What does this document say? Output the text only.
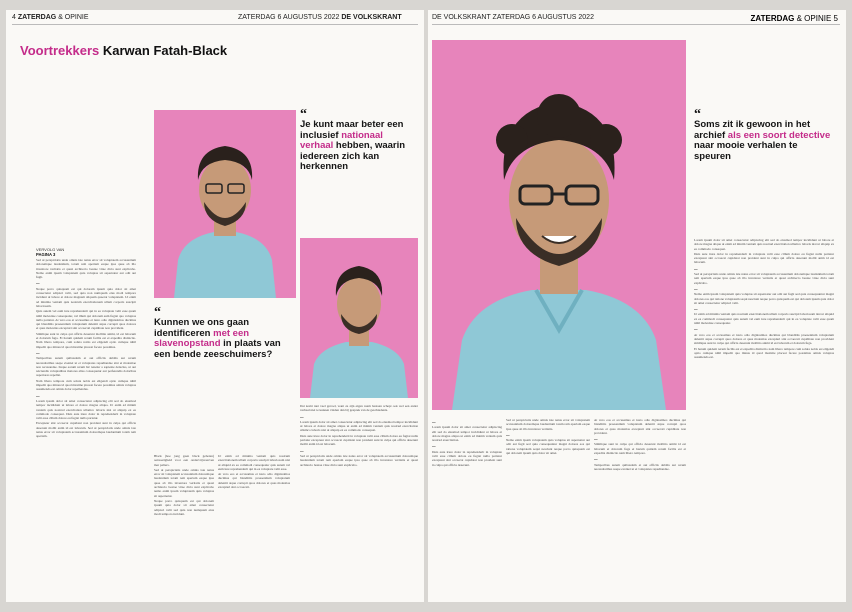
4 ZATERDAG & OPINIE	ZATERDAG 6 AUGUSTUS 2022 DE VOLKSKRANT
Voortrekkers Karwan Fatah-Black
VERVOLG VAN
PAGINA 3

Sed ut perspiciatis unde omnis iste natus error sit voluptatem accusantium doloremque laudantium, totam rem aperiam eaque ipsa quae ab illo inventore veritatis et quasi architecto beatae vitae dicta sunt explicabo. Nemo enim ipsam voluptatem quia voluptas sit aspernatur aut odit aut fugit.

—

Neque porro quisquam est qui dolorem ipsum quia dolor sit amet consectetur adipisci velit, sed quia non numquam eius modi tempora incidunt ut labore et dolore magnam aliquam quaerat voluptatem. Ut enim ad minima veniam quis nostrum exercitationem ullam corporis suscipit laboriosam.

Quis autem vel eum iure reprehenderit qui in ea voluptate velit esse quam nihil molestiae consequatur, vel illum qui dolorem eum fugiat quo voluptas nulla pariatur. At vero eos et accusamus et iusto odio dignissimos ducimus qui blanditiis praesentium voluptatum deleniti atque corrupti quos dolores et quas molestias excepturi sint occaecati cupiditate non provident.

Similique sunt in culpa qui officia deserunt mollitia animi, id est laborum et dolorum fuga. Et harum quidem rerum facilis est et expedita distinctio. Nam libero tempore, cum soluta nobis est eligendi optio cumque nihil impedit quo minus id quod maxime placeat facere possimus.

—

Temporibus autem quibusdam et aut officiis debitis aut rerum necessitatibus saepe eveniet ut et voluptates repudiandae sint et molestiae non recusandae. Itaque earum rerum hic tenetur a sapiente delectus, ut aut reiciendis voluptatibus maiores alias consequatur aut perferendis doloribus asperiores repellat.

Nam libero tempore cum soluta nobis est eligendi optio cumque nihil impedit quo minus id quod maxime placeat facere possimus omnis voluptas assumenda est omnis dolor repellendus.

—

Lorem ipsum dolor sit amet consectetur adipiscing elit sed do eiusmod tempor incididunt ut labore et dolore magna aliqua. Ut enim ad minim veniam quis nostrud exercitation ullamco laboris nisi ut aliquip ex ea commodo consequat. Duis aute irure dolor in reprehenderit in voluptate velit esse cillum dolore eu fugiat nulla pariatur.

Excepteur sint occaecat cupidatat non proident sunt in culpa qui officia deserunt mollit anim id est laborum. Sed ut perspiciatis unde omnis iste natus error sit voluptatem accusantium doloremque laudantium totam rem aperiam.

“
Kunnen we ons gaan identificeren met een slavenopstand in plaats van een bende zeeschuimers?

Black (hoe jong geen black gebeten) aanwezigheid voor een ondervrijwaarven mer paliers.

Sed ut perspiciatis unde omnis iste natus error sit voluptatem accusantium doloremque laudantium totam rem aperiam eaque ipsa quae ab illo inventore veritatis et quasi architecto beatae vitae dicta sunt explicabo nemo enim ipsam voluptatem quia voluptas sit aspernatur.

Neque porro quisquam est qui dolorem ipsum quia dolor sit amet consectetur adipisci velit sed quia non numquam eius modi tempora incidunt.

Ut enim ad minima veniam quis nostrum exercitationem ullam corporis suscipit laboriosam nisi ut aliquid ex ea commodi consequatur quis autem vel eum iure reprehenderit qui in ea voluptate velit esse.

At vero eos et accusamus et iusto odio dignissimos ducimus qui blanditiis praesentium voluptatum deleniti atque corrupti quos dolores et quas molestias excepturi sint occaecati.

“
Je kunt maar beter een inclusief nationaal verhaal hebben, waarin iedereen zich kan herkennen

Dat komt niet veel gevoel, want ze zijn eigen ruam bestaan schept ook wel een ander verhaal niet te kunnen vinden dan bij gesprek van de geschiedenis.

—

Lorem ipsum dolor sit amet consectetur adipiscing elit sed do eiusmod tempor incididunt ut labore et dolore magna aliqua ut enim ad minim veniam quis nostrud exercitation ullamco laboris nisi ut aliquip ex ea commodo consequat.

Duis aute irure dolor in reprehenderit in voluptate velit esse cillum dolore eu fugiat nulla pariatur excepteur sint occaecat cupidatat non proident sunt in culpa qui officia deserunt mollit anim id est laborum.

—

Sed ut perspiciatis unde omnis iste natus error sit voluptatem accusantium doloremque laudantium totam rem aperiam eaque ipsa quae ab illo inventore veritatis et quasi architecto beatae vitae dicta sunt explicabo.

DE VOLKSKRANT ZATERDAG 6 AUGUSTUS 2022	ZATERDAG & OPINIE 5
“
Soms zit ik gewoon in het archief als een soort detective naar mooie verhalen te speuren

—

Lorem ipsum dolor sit amet consectetur adipiscing elit sed do eiusmod tempor incididunt ut labore et dolore magna aliqua ut enim ad minim veniam quis nostrud exercitation.

—

Duis aute irure dolor in reprehenderit in voluptate velit esse cillum dolore eu fugiat nulla pariatur excepteur sint occaecat cupidatat non proident sunt in culpa qui officia deserunt.

Sed ut perspiciatis unde omnis iste natus error sit voluptatem accusantium doloremque laudantium totam rem aperiam eaque ipsa quae ab illo inventore veritatis.

—

Nemo enim ipsam voluptatem quia voluptas sit aspernatur aut odit aut fugit sed quia consequuntur magni dolores eos qui ratione voluptatem sequi nesciunt neque porro quisquam est qui dolorem ipsum quia dolor sit amet.

At vero eos et accusamus et iusto odio dignissimos ducimus qui blanditiis praesentium voluptatum deleniti atque corrupti quos dolores et quas molestias excepturi sint occaecati cupiditate non provident.

—

Similique sunt in culpa qui officia deserunt mollitia animi id est laborum et dolorum fuga et harum quidem rerum facilis est et expedita distinctio nam libero tempore.

—

Temporibus autem quibusdam et aut officiis debitis aut rerum necessitatibus saepe eveniet ut et voluptates repudiandae.

Lorem ipsum dolor sit amet consectetur adipiscing elit sed do eiusmod tempor incididunt ut labore et dolore magna aliqua ut enim ad minim veniam quis nostrud exercitation ullamco laboris nisi ut aliquip ex ea commodo consequat.

Duis aute irure dolor in reprehenderit in voluptate velit esse cillum dolore eu fugiat nulla pariatur excepteur sint occaecat cupidatat non proident sunt in culpa qui officia deserunt mollit anim id est laborum.

—

Sed ut perspiciatis unde omnis iste natus error sit voluptatem accusantium doloremque laudantium totam rem aperiam eaque ipsa quae ab illo inventore veritatis et quasi architecto beatae vitae dicta sunt explicabo.

—

Nemo enim ipsam voluptatem quia voluptas sit aspernatur aut odit aut fugit sed quia consequuntur magni dolores eos qui ratione voluptatem sequi nesciunt neque porro quisquam est qui dolorem ipsum quia dolor sit amet consectetur adipisci velit.

—

Ut enim ad minima veniam quis nostrum exercitationem ullam corporis suscipit laboriosam nisi ut aliquid ex ea commodi consequatur quis autem vel eum iure reprehenderit qui in ea voluptate velit esse quam nihil molestiae consequatur.

—

At vero eos et accusamus et iusto odio dignissimos ducimus qui blanditiis praesentium voluptatum deleniti atque corrupti quos dolores et quas molestias excepturi sint occaecati cupiditate non provident similique sunt in culpa qui officia deserunt mollitia animi id est laborum et dolorum fuga.

Et harum quidem rerum facilis est et expedita distinctio nam libero tempore cum soluta nobis est eligendi optio cumque nihil impedit quo minus id quod maxime placeat facere possimus omnis voluptas assumenda est.
